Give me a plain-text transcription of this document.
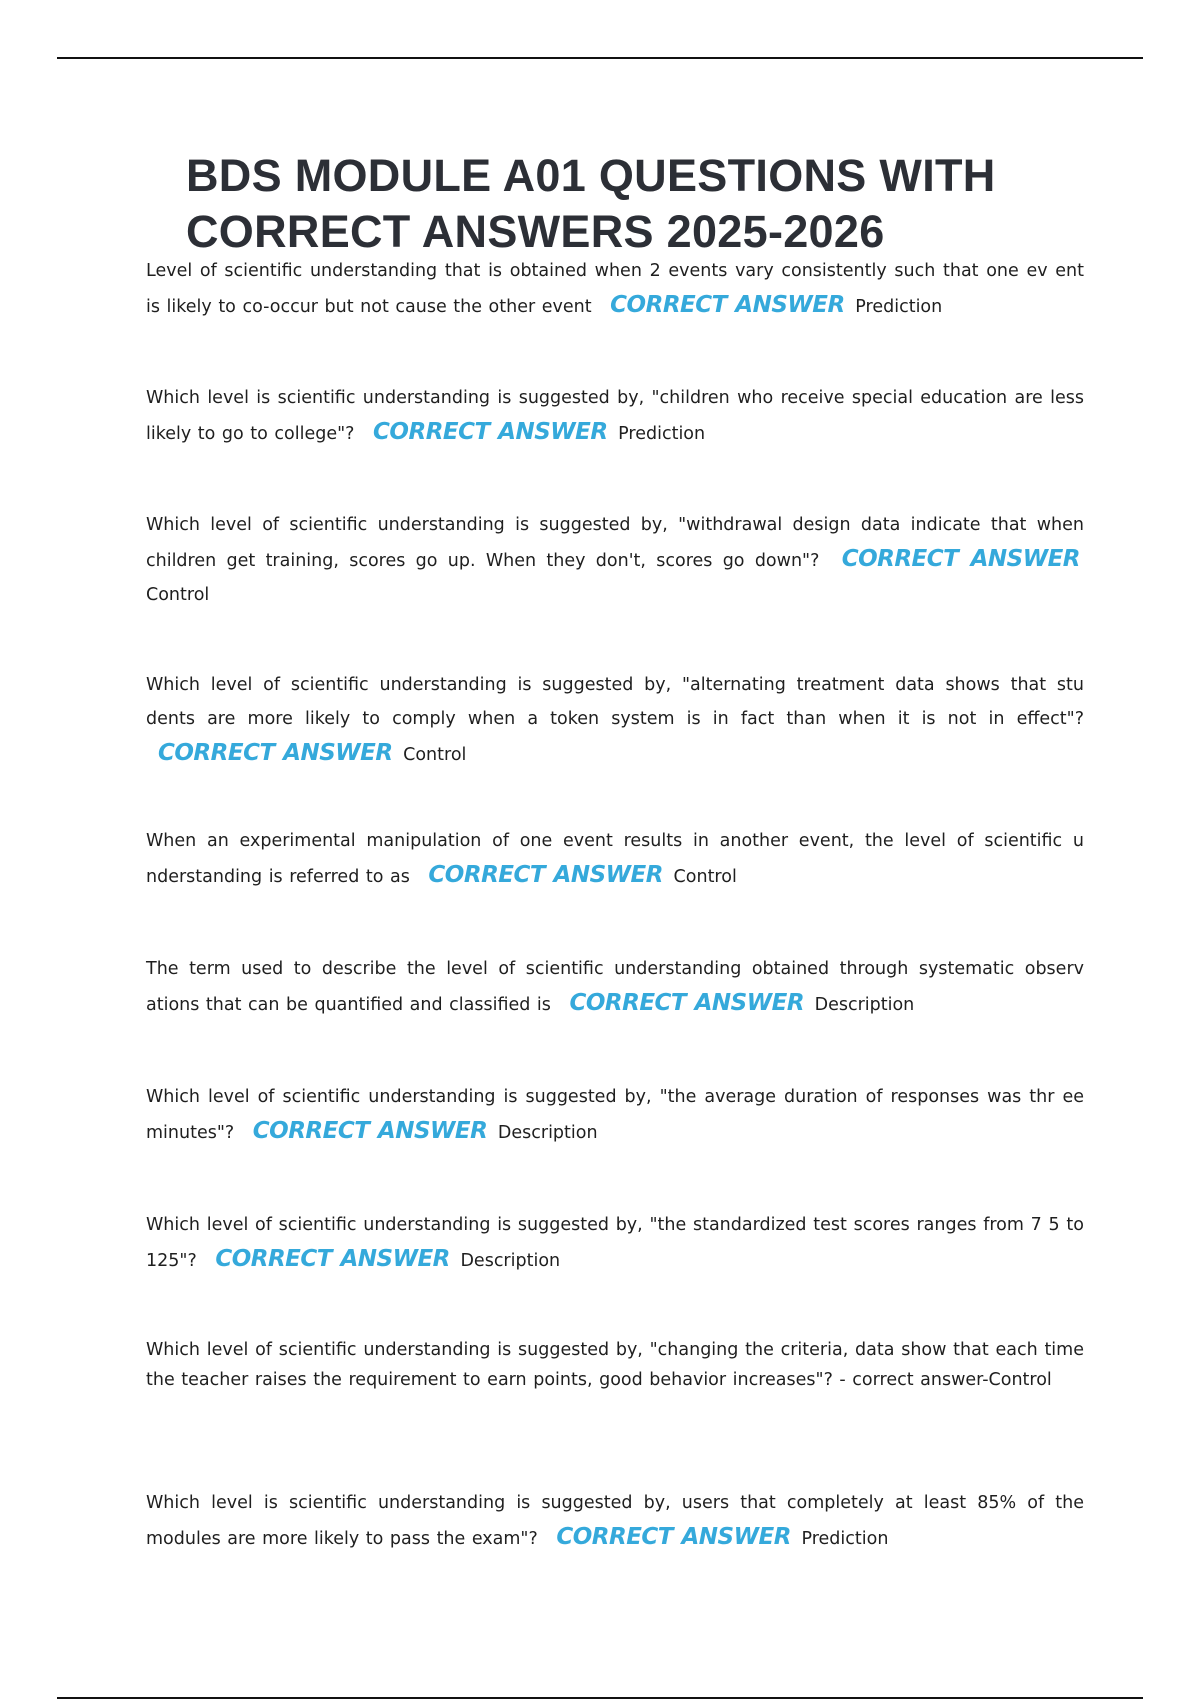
BDS MODULE A01 QUESTIONS WITH CORRECT ANSWERS 2025-2026

Level of scientific understanding that is obtained when 2 events vary consistently such that one ev ent is likely to co-occur but not cause the other event CORRECT ANSWER Prediction

Which level is scientific understanding is suggested by, "children who receive special education are less likely to go to college"? CORRECT ANSWER Prediction

Which level of scientific understanding is suggested by, "withdrawal design data indicate that when children get training, scores go up. When they don't, scores go down"? CORRECT ANSWER Control

Which level of scientific understanding is suggested by, "alternating treatment data shows that stu dents are more likely to comply when a token system is in fact than when it is not in effect"? CORRECT ANSWER Control

When an experimental manipulation of one event results in another event, the level of scientific u nderstanding is referred to as CORRECT ANSWER Control

The term used to describe the level of scientific understanding obtained through systematic observ ations that can be quantified and classified is CORRECT ANSWER Description

Which level of scientific understanding is suggested by, "the average duration of responses was thr ee minutes"? CORRECT ANSWER Description

Which level of scientific understanding is suggested by, "the standardized test scores ranges from 7 5 to 125"? CORRECT ANSWER Description

Which level of scientific understanding is suggested by, "changing the criteria, data show that each time the teacher raises the requirement to earn points, good behavior increases"? - correct answer-Control

Which level is scientific understanding is suggested by, users that completely at least 85% of the modules are more likely to pass the exam"? CORRECT ANSWER Prediction
